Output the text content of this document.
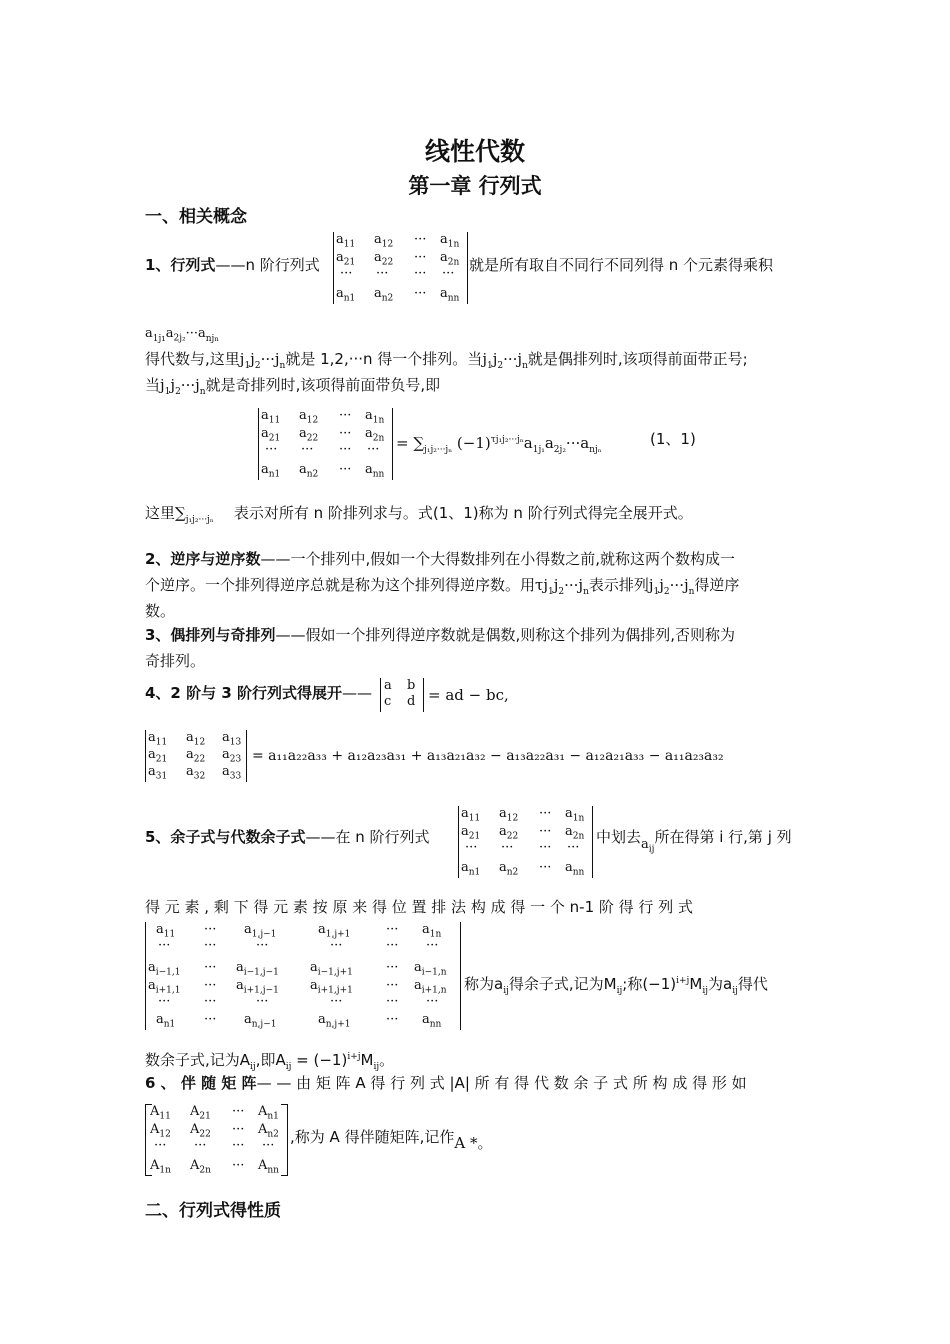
线性代数
第一章 行列式
一、相关概念
1、行列式——n 阶行列式
$a_{11}$ $a_{12}$ ··· $a_{1n}$
$a_{21}$ $a_{22}$ ··· $a_{2n}$
··· ··· ··· ···
$a_{n1}$ $a_{n2}$ ··· $a_{nn}$
就是所有取自不同行不同列得 n 个元素得乘积
$a_{1j_1}a_{2j_2}\cdot\cdot\cdot a_{nj_n}$
得代数与,这里$j_1j_2\cdot\cdot\cdot j_n$就是 1,2,···n 得一个排列。当$j_1j_2\cdot\cdot\cdot j_n$就是偶排列时,该项得前面带正号;
当$j_1j_2\cdot\cdot\cdot j_n$就是奇排列时,该项得前面带负号,即
$a_{11}$ $a_{12}$ ··· $a_{1n}$
$a_{21}$ $a_{22}$ ··· $a_{2n}$
··· ··· ··· ···
$a_{n1}$ $a_{n2}$ ··· $a_{nn}$
= $\sum_{j_1j_2\cdot\cdot\cdot j_n}$ $(-1)^{\tau j_1j_2\cdot\cdot\cdot j_n}a_{1j_1}a_{2j_2}\cdot\cdot\cdot a_{nj_n}$
(1、1)
这里$\sum_{j_1j_2\cdot\cdot\cdot j_n}$ 表示对所有 n 阶排列求与。式(1、1)称为 n 阶行列式得完全展开式。
2、逆序与逆序数——一个排列中,假如一个大得数排列在小得数之前,就称这两个数构成一
个逆序。一个排列得逆序总就是称为这个排列得逆序数。用$\tau j_1j_2\cdot\cdot\cdot j_n$表示排列$j_1j_2\cdot\cdot\cdot j_n$得逆序
数。
3、偶排列与奇排列——假如一个排列得逆序数就是偶数,则称这个排列为偶排列,否则称为
奇排列。
4、2 阶与 3 阶行列式得展开—— a b
c d = ad − bc,
$a_{11}$ $a_{12}$ $a_{13}$
$a_{21}$ $a_{22}$ $a_{23}$
$a_{31}$ $a_{32}$ $a_{33}$
= a₁₁a₂₂a₃₃ + a₁₂a₂₃a₃₁ + a₁₃a₂₁a₃₂ − a₁₃a₂₂a₃₁ − a₁₂a₂₁a₃₃ − a₁₁a₂₃a₃₂
5、余子式与代数余子式——在 n 阶行列式
$a_{11}$ $a_{12}$ ··· $a_{1n}$
$a_{21}$ $a_{22}$ ··· $a_{2n}$
··· ··· ··· ···
$a_{n1}$ $a_{n2}$ ··· $a_{nn}$
中划去$a_{ij}$所在得第 i 行,第 j 列
得 元 素 , 剩 下 得 元 素 按 原 来 得 位 置 排 法 构 成 得 一 个 n-1 阶 得 行 列 式
$a_{11}$ ··· $a_{1,j-1}$	$a_{1,j+1}$	··· $a_{1n}$
···	···	···	···	··· ···
$a_{i-1,1}$ ··· $a_{i-1,j-1}$ $a_{i-1,j+1}$	··· $a_{i-1,n}$
$a_{i+1,1}$ ··· $a_{i+1,j-1}$ $a_{i+1,j+1}$	··· $a_{i+1,n}$
···	···	···	···	··· ···
$a_{n1}$ ··· $a_{n,j-1}$	$a_{n,j+1}$	··· $a_{nn}$
称为$a_{ij}$得余子式,记为$M_{ij}$;称$(-1)^{i+j}M_{ij}$为$a_{ij}$得代
数余子式,记为$A_{ij}$,即$A_{ij} = (-1)^{i+j}M_{ij}$。
6 、 伴 随 矩 阵— — 由 矩 阵 A 得 行 列 式 |A| 所 有 得 代 数 余 子 式 所 构 成 得 形 如
$A_{11}$ $A_{21}$ ··· $A_{n1}$
$A_{12}$ $A_{22}$ ··· $A_{n2}$
··· ··· ··· ···
$A_{1n}$ $A_{2n}$ ··· $A_{nn}$
,称为 A 得伴随矩阵,记作A *。
二、行列式得性质
